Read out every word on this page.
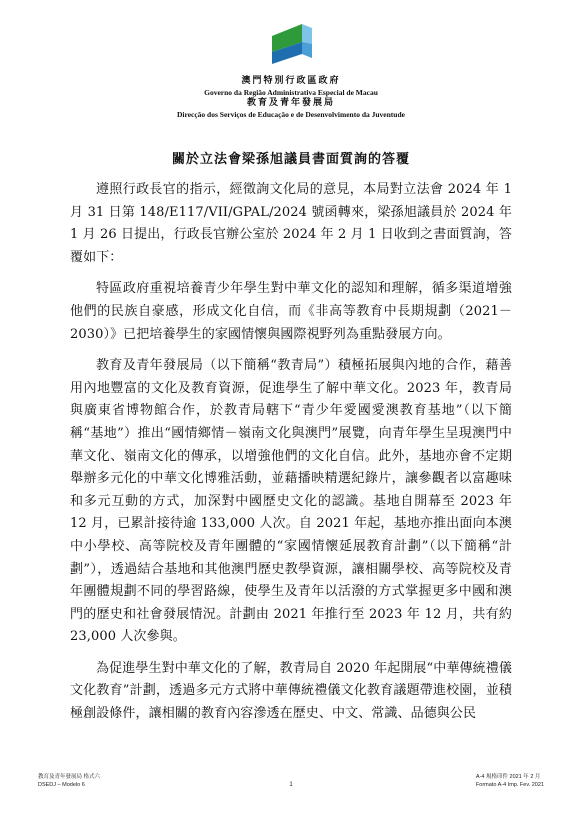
澳門特別行政區政府
Governo da Região Administrativa Especial de Macau
教育及青年發展局
Direcção dos Serviços de Educação e de Desenvolvimento da Juventude
關於立法會梁孫旭議員書面質詢的答覆

遵照行政長官的指示，經徵詢文化局的意見，本局對立法會 2024 年 1 月 31 日第 148/E117/VII/GPAL/2024 號函轉來，梁孫旭議員於 2024 年 1 月 26 日提出，行政長官辦公室於 2024 年 2 月 1 日收到之書面質詢，答覆如下：

特區政府重視培養青少年學生對中華文化的認知和理解，循多渠道增強他們的民族自豪感，形成文化自信，而《非高等教育中長期規劃（2021－2030）》已把培養學生的家國情懷與國際視野列為重點發展方向。

教育及青年發展局（以下簡稱“教青局”）積極拓展與內地的合作，藉善用內地豐富的文化及教育資源，促進學生了解中華文化。2023 年，教青局與廣東省博物館合作，於教青局轄下“青少年愛國愛澳教育基地”（以下簡稱“基地”）推出“國情鄉情－嶺南文化與澳門”展覽，向青年學生呈現澳門中華文化、嶺南文化的傳承，以增強他們的文化自信。此外，基地亦會不定期舉辦多元化的中華文化博雅活動，並藉播映精選紀錄片，讓參觀者以富趣味和多元互動的方式，加深對中國歷史文化的認識。基地自開幕至 2023 年 12 月，已累計接待逾 133,000 人次。自 2021 年起，基地亦推出面向本澳中小學校、高等院校及青年團體的“家國情懷延展教育計劃”（以下簡稱“計劃”），透過結合基地和其他澳門歷史教學資源，讓相關學校、高等院校及青年團體規劃不同的學習路線，使學生及青年以活潑的方式掌握更多中國和澳門的歷史和社會發展情況。計劃由 2021 年推行至 2023 年 12 月，共有約 23,000 人次參與。

為促進學生對中華文化的了解，教青局自 2020 年起開展“中華傳統禮儀文化教育”計劃，透過多元方式將中華傳統禮儀文化教育議題帶進校園，並積極創設條件，讓相關的教育內容滲透在歷史、中文、常識、品德與公民

教育及青年發展局 格式六
DSEDJ – Modelo 6	1
A-4 規格印件 2021 年 2 月
Formato A-4 Imp. Fev. 2021
